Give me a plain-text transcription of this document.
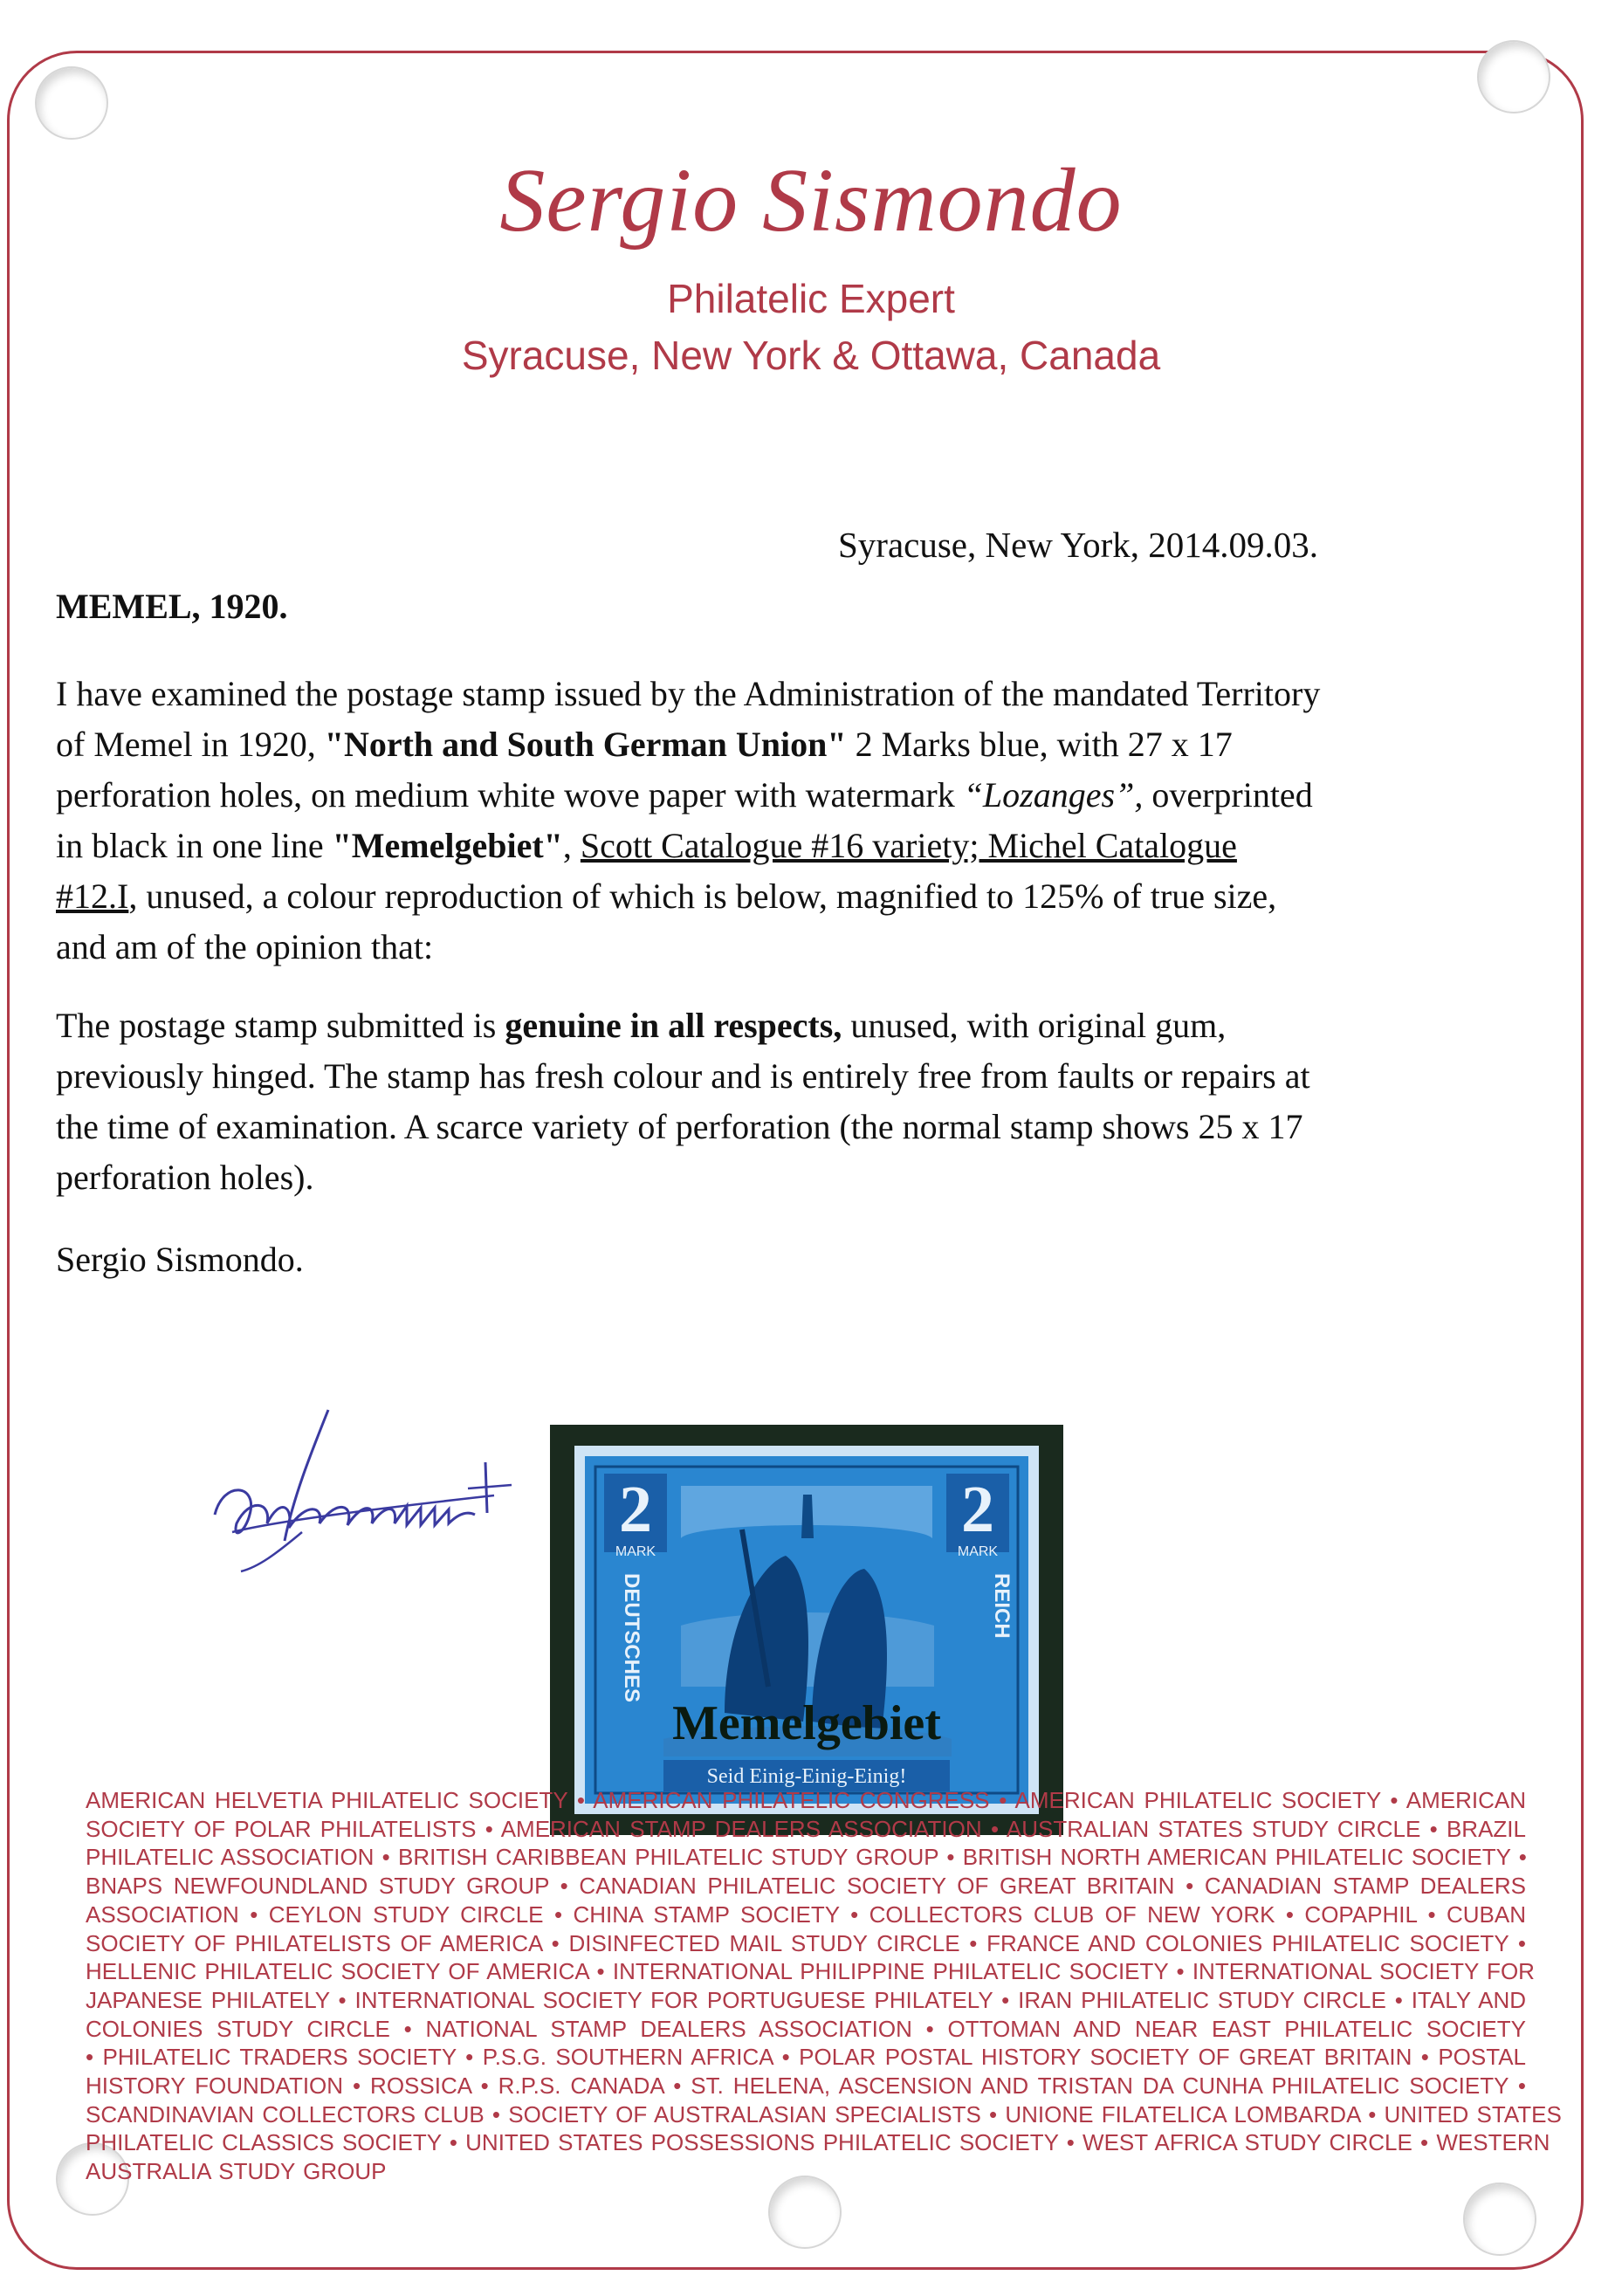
Sergio Sismondo
Philatelic Expert
Syracuse, New York & Ottawa, Canada
Syracuse, New York, 2014.09.03.
MEMEL, 1920.
I have examined the postage stamp issued by the Administration of the mandated Territory
of Memel in 1920, "North and South German Union" 2 Marks blue, with 27 x 17
perforation holes, on medium white wove paper with watermark “Lozanges”, overprinted
in black in one line "Memelgebiet", Scott Catalogue #16 variety; Michel Catalogue
#12.I, unused, a colour reproduction of which is below, magnified to 125% of true size,
and am of the opinion that:
The postage stamp submitted is genuine in all respects, unused, with original gum,
previously hinged. The stamp has fresh colour and is entirely free from faults or repairs at
the time of examination. A scarce variety of perforation (the normal stamp shows 25 x 17
perforation holes).
Sergio Sismondo.
2	2
MARK	MARK
DEUTSCHES	REICH
Memelgebiet
Seid Einig-Einig-Einig!
AMERICAN HELVETIA PHILATELIC SOCIETY • AMERICAN PHILATELIC CONGRESS • AMERICAN PHILATELIC SOCIETY • AMERICAN
SOCIETY OF POLAR PHILATELISTS • AMERICAN STAMP DEALERS ASSOCIATION • AUSTRALIAN STATES STUDY CIRCLE • BRAZIL
PHILATELIC ASSOCIATION • BRITISH CARIBBEAN PHILATELIC STUDY GROUP • BRITISH NORTH AMERICAN PHILATELIC SOCIETY •
BNAPS NEWFOUNDLAND STUDY GROUP • CANADIAN PHILATELIC SOCIETY OF GREAT BRITAIN • CANADIAN STAMP DEALERS
ASSOCIATION • CEYLON STUDY CIRCLE • CHINA STAMP SOCIETY • COLLECTORS CLUB OF NEW YORK • COPAPHIL • CUBAN
SOCIETY OF PHILATELISTS OF AMERICA • DISINFECTED MAIL STUDY CIRCLE • FRANCE AND COLONIES PHILATELIC SOCIETY •
HELLENIC PHILATELIC SOCIETY OF AMERICA • INTERNATIONAL PHILIPPINE PHILATELIC SOCIETY • INTERNATIONAL SOCIETY FOR
JAPANESE PHILATELY • INTERNATIONAL SOCIETY FOR PORTUGUESE PHILATELY • IRAN PHILATELIC STUDY CIRCLE • ITALY AND
COLONIES STUDY CIRCLE • NATIONAL STAMP DEALERS ASSOCIATION • OTTOMAN AND NEAR EAST PHILATELIC SOCIETY
• PHILATELIC TRADERS SOCIETY • P.S.G. SOUTHERN AFRICA • POLAR POSTAL HISTORY SOCIETY OF GREAT BRITAIN • POSTAL
HISTORY FOUNDATION • ROSSICA • R.P.S. CANADA • ST. HELENA, ASCENSION AND TRISTAN DA CUNHA PHILATELIC SOCIETY •
SCANDINAVIAN COLLECTORS CLUB • SOCIETY OF AUSTRALASIAN SPECIALISTS • UNIONE FILATELICA LOMBARDA • UNITED STATES
PHILATELIC CLASSICS SOCIETY • UNITED STATES POSSESSIONS PHILATELIC SOCIETY • WEST AFRICA STUDY CIRCLE • WESTERN
AUSTRALIA STUDY GROUP
